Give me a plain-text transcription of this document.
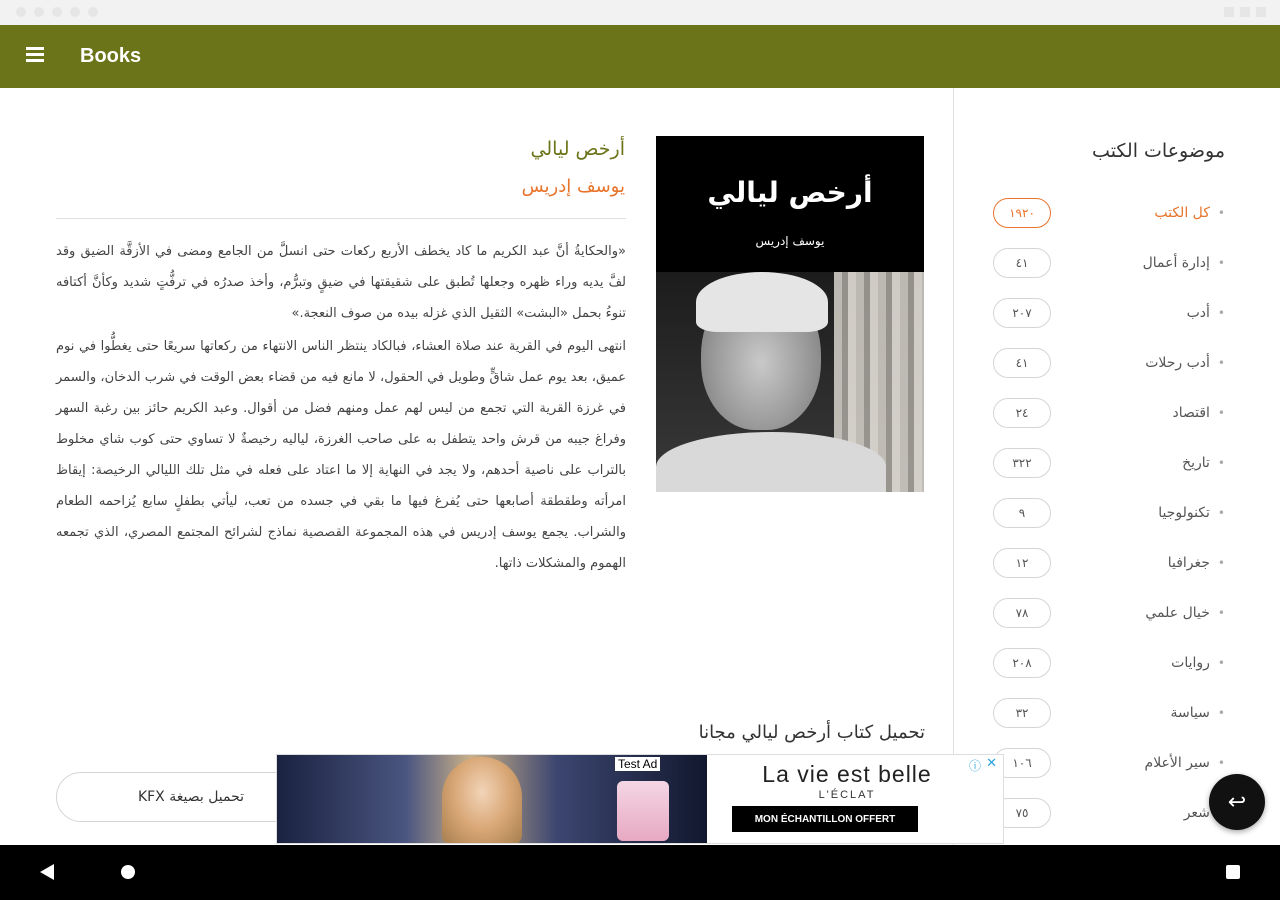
Books
موضوعات الكتب
•
كل الكتب
١٩٢٠
•
إدارة أعمال
٤١
•
أدب
٢٠٧
•
أدب رحلات
٤١
•
اقتصاد
٢٤
•
تاريخ
٣٢٢
•
تكنولوجيا
٩
•
جغرافيا
١٢
•
خيال علمي
٧٨
•
روايات
٢٠٨
•
سياسة
٣٢
•
سير الأعلام
١٠٦
شعر
٧٥
أرخص ليالي
يوسف إدريس
أرخص ليالي
يوسف إدريس

«والحكايةُ أنَّ عبد الكريم ما كاد يخطف الأربع ركعات حتى انسلَّ من الجامع ومضى في الأزقَّة الضيق وقد لفَّ يديه وراء ظهره وجعلها تُطبق على شقيقتها في ضيقٍ وتبرُّم، وأخذ صدرُه في ترفُّتٍ شديد وكأنَّ أكتافه تنوءُ بحمل «البشت» الثقيل الذي غزله بيده من صوف النعجة.»

انتهى اليوم في القرية عند صلاة العشاء، فبالكاد ينتظر الناس الانتهاء من ركعاتها سريعًا حتى يغطُّوا في نوم عميق، بعد يوم عمل شاقٍّ وطويل في الحقول، لا مانع فيه من قضاء بعض الوقت في شرب الدخان، والسمر في غرزة القرية التي تجمع من ليس لهم عمل ومنهم فضل من أقوال. وعبد الكريم حائز بين رغبة السهر وفراغ جيبه من قرش واحد يتطفل به على صاحب الغرزة، لياليه رخيصةٌ لا تساوي حتى كوب شاي مخلوط بالتراب على ناصية أحدهم، ولا يجد في النهاية إلا ما اعتاد على فعله في مثل تلك الليالي الرخيصة: إيقاظ امرأته وطقطقة أصابعها حتى يُفرغ فيها ما بقي في جسده من تعب، ليأتي بطفلٍ سابع يُزاحمه الطعام والشراب. يجمع يوسف إدريس في هذه المجموعة القصصية نماذج لشرائح المجتمع المصري، الذي تجمعه الهموم والمشكلات ذاتها.

تحميل كتاب أرخص ليالي مجانا
تحميل بصيغة KFX
Test Ad	La vie est belle
L'ÉCLAT
MON ÉCHANTILLON OFFERT
ⓘ ✕
↩
